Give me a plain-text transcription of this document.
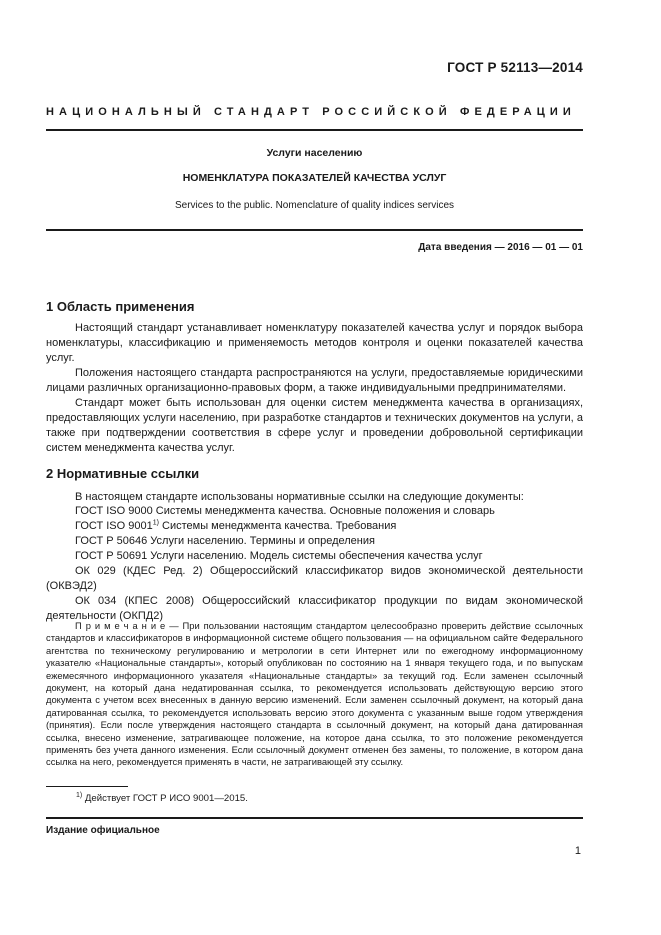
ГОСТ Р 52113—2014
НАЦИОНАЛЬНЫЙ СТАНДАРТ РОССИЙСКОЙ ФЕДЕРАЦИИ
Услуги населению
НОМЕНКЛАТУРА ПОКАЗАТЕЛЕЙ КАЧЕСТВА УСЛУГ
Services to the public. Nomenclature of quality indices services
Дата введения — 2016 — 01 — 01
1 Область применения
Настоящий стандарт устанавливает номенклатуру показателей качества услуг и порядок выбора номенклатуры, классификацию и применяемость методов контроля и оценки показателей качества услуг.
Положения настоящего стандарта распространяются на услуги, предоставляемые юридическими лицами различных организационно-правовых форм, а также индивидуальными предпринимателями.
Стандарт может быть использован для оценки систем менеджмента качества в организациях, предоставляющих услуги населению, при разработке стандартов и технических документов на услуги, а также при подтверждении соответствия в сфере услуг и проведении добровольной сертификации систем менеджмента качества услуг.
2 Нормативные ссылки
В настоящем стандарте использованы нормативные ссылки на следующие документы:
ГОСТ ISO 9000 Системы менеджмента качества. Основные положения и словарь
ГОСТ ISO 9001$^{1)}$ Системы менеджмента качества. Требования
ГОСТ Р 50646 Услуги населению. Термины и определения
ГОСТ Р 50691 Услуги населению. Модель системы обеспечения качества услуг
ОК 029 (КДЕС Ред. 2) Общероссийский классификатор видов экономической деятельности (ОКВЭД2)
ОК 034 (КПЕС 2008) Общероссийский классификатор продукции по видам экономической деятельности (ОКПД2)
П р и м е ч а н и е — При пользовании настоящим стандартом целесообразно проверить действие ссылочных стандартов и классификаторов в информационной системе общего пользования — на официальном сайте Федерального агентства по техническому регулированию и метрологии в сети Интернет или по ежегодному информационному указателю «Национальные стандарты», который опубликован по состоянию на 1 января текущего года, и по выпускам ежемесячного информационного указателя «Национальные стандарты» за текущий год. Если заменен ссылочный документ, на который дана недатированная ссылка, то рекомендуется использовать действующую версию этого документа с учетом всех внесенных в данную версию изменений. Если заменен ссылочный документ, на который дана датированная ссылка, то рекомендуется использовать версию этого документа с указанным выше годом утверждения (принятия). Если после утверждения настоящего стандарта в ссылочный документ, на который дана датированная ссылка, внесено изменение, затрагивающее положение, на которое дана ссылка, то это положение рекомендуется применять без учета данного изменения. Если ссылочный документ отменен без замены, то положение, в котором дана ссылка на него, рекомендуется применять в части, не затрагивающей эту ссылку.
$^{1)}$ Действует ГОСТ Р ИСО 9001—2015.
Издание официальное
1
